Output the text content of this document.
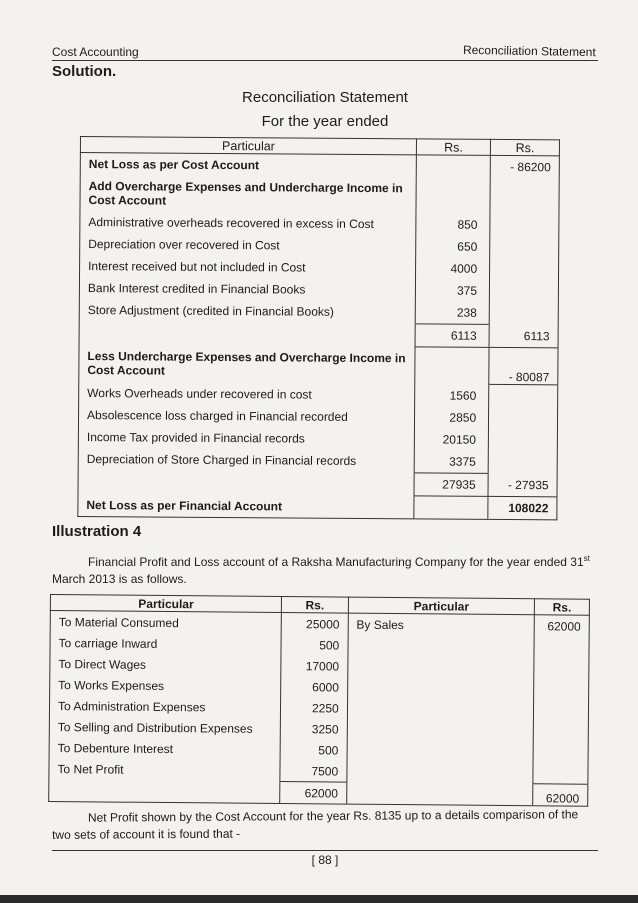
Cost Accounting	Reconciliation Statement
Solution.
Reconciliation Statement
For the year ended
Particular	Rs.	Rs.
Net Loss as per Cost Account		- 86200
Add Overcharge Expenses and Undercharge Income in Cost Account		
Administrative overheads recovered in excess in Cost	850	
Depreciation over recovered in Cost	650	
Interest received but not included in Cost	4000	
Bank Interest credited in Financial Books	375	
Store Adjustment (credited in Financial Books)	238	
	6113	6113
Less Undercharge Expenses and Overcharge Income in Cost Account		- 80087
Works Overheads under recovered in cost	1560	
Absolescence loss charged in Financial recorded	2850	
Income Tax provided in Financial records	20150	
Depreciation of Store Charged in Financial records	3375	
	27935	- 27935
Net Loss as per Financial Account		108022
Illustration 4
Financial Profit and Loss account of a Raksha Manufacturing Company for the year ended 31st March 2013 is as follows.
Particular	Rs.	Particular	Rs.
To Material Consumed	25000	By Sales	62000
To carriage Inward	500		
To Direct Wages	17000		
To Works Expenses	6000		
To Administration Expenses	2250		
To Selling and Distribution Expenses	3250		
To Debenture Interest	500		
To Net Profit	7500		
	62000		62000
Net Profit shown by the Cost Account for the year Rs. 8135 up to a details comparison of the two sets of account it is found that -
[ 88 ]
